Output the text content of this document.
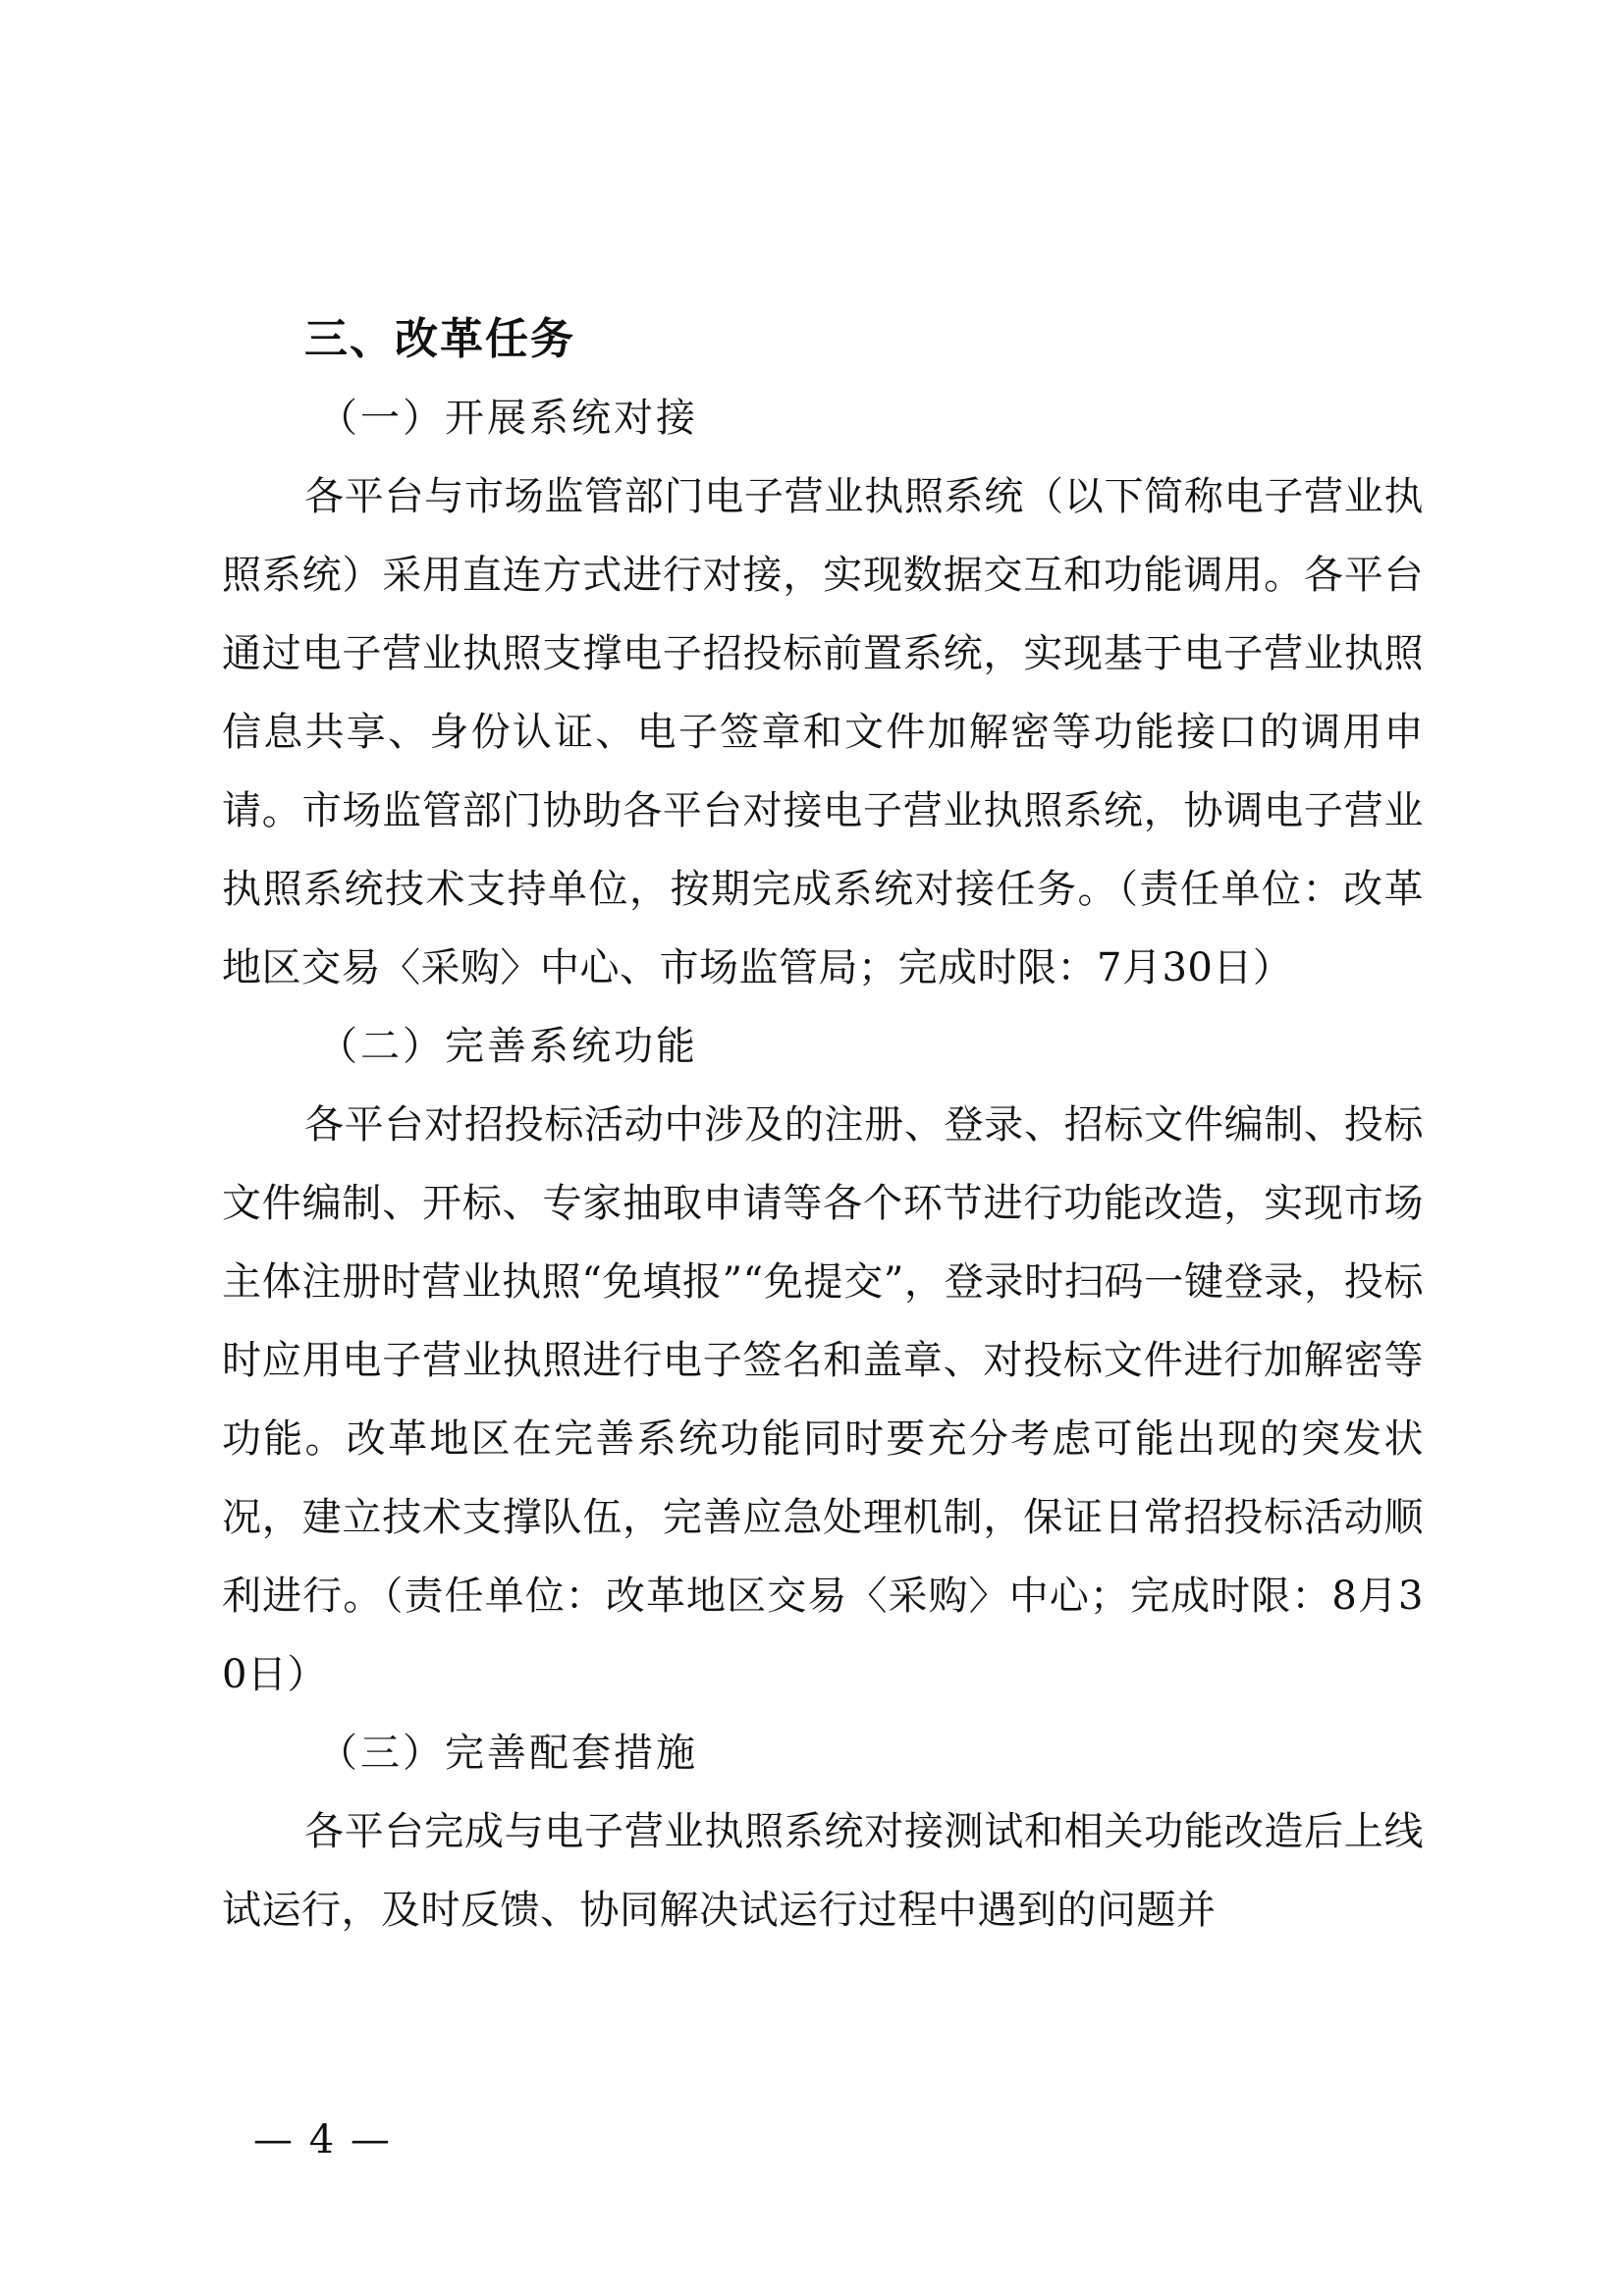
三、改革任务
（一）开展系统对接

各平台与市场监管部门电子营业执照系统（以下简称电子营业执照系统）采用直连方式进行对接，实现数据交互和功能调用。各平台通过电子营业执照支撑电子招投标前置系统，实现基于电子营业执照信息共享、身份认证、电子签章和文件加解密等功能接口的调用申请。市场监管部门协助各平台对接电子营业执照系统，协调电子营业执照系统技术支持单位，按期完成系统对接任务。（责任单位：改革地区交易〈采购〉中心、市场监管局；完成时限：7月30日）

（二）完善系统功能

各平台对招投标活动中涉及的注册、登录、招标文件编制、投标文件编制、开标、专家抽取申请等各个环节进行功能改造，实现市场主体注册时营业执照“免填报”“免提交”，登录时扫码一键登录，投标时应用电子营业执照进行电子签名和盖章、对投标文件进行加解密等功能。改革地区在完善系统功能同时要充分考虑可能出现的突发状况，建立技术支撑队伍，完善应急处理机制，保证日常招投标活动顺利进行。（责任单位：改革地区交易〈采购〉中心；完成时限：8月30日）

（三）完善配套措施

各平台完成与电子营业执照系统对接测试和相关功能改造后上线试运行，及时反馈、协同解决试运行过程中遇到的问题并

— 4 —
